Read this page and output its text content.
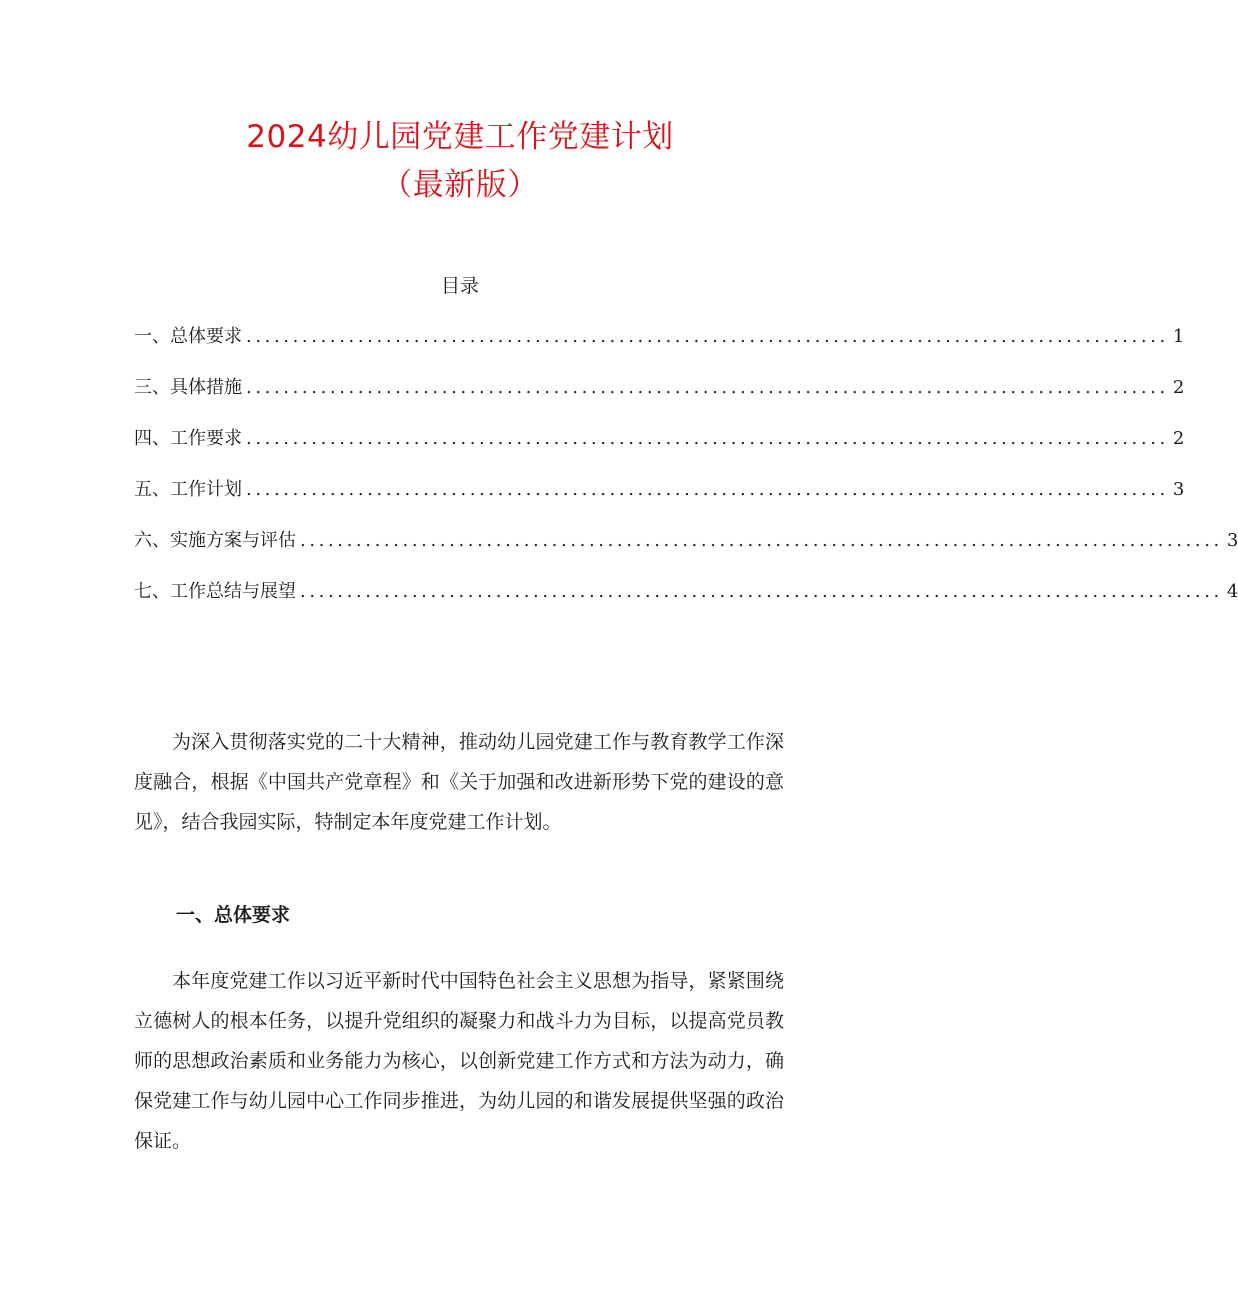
2024幼儿园党建工作党建计划
（最新版）
目录
一、总体要求 ................................................................................................... 1
三、具体措施 ................................................................................................... 2
四、工作要求 ................................................................................................... 2
五、工作计划 ................................................................................................... 3
六、实施方案与评估 ................................................................................................... 3
七、工作总结与展望 ................................................................................................... 4

为深入贯彻落实党的二十大精神，推动幼儿园党建工作与教育教学工作深度融合，根据《中国共产党章程》和《关于加强和改进新形势下党的建设的意见》，结合我园实际，特制定本年度党建工作计划。

一、总体要求

本年度党建工作以习近平新时代中国特色社会主义思想为指导，紧紧围绕立德树人的根本任务，以提升党组织的凝聚力和战斗力为目标，以提高党员教师的思想政治素质和业务能力为核心，以创新党建工作方式和方法为动力，确保党建工作与幼儿园中心工作同步推进，为幼儿园的和谐发展提供坚强的政治保证。
